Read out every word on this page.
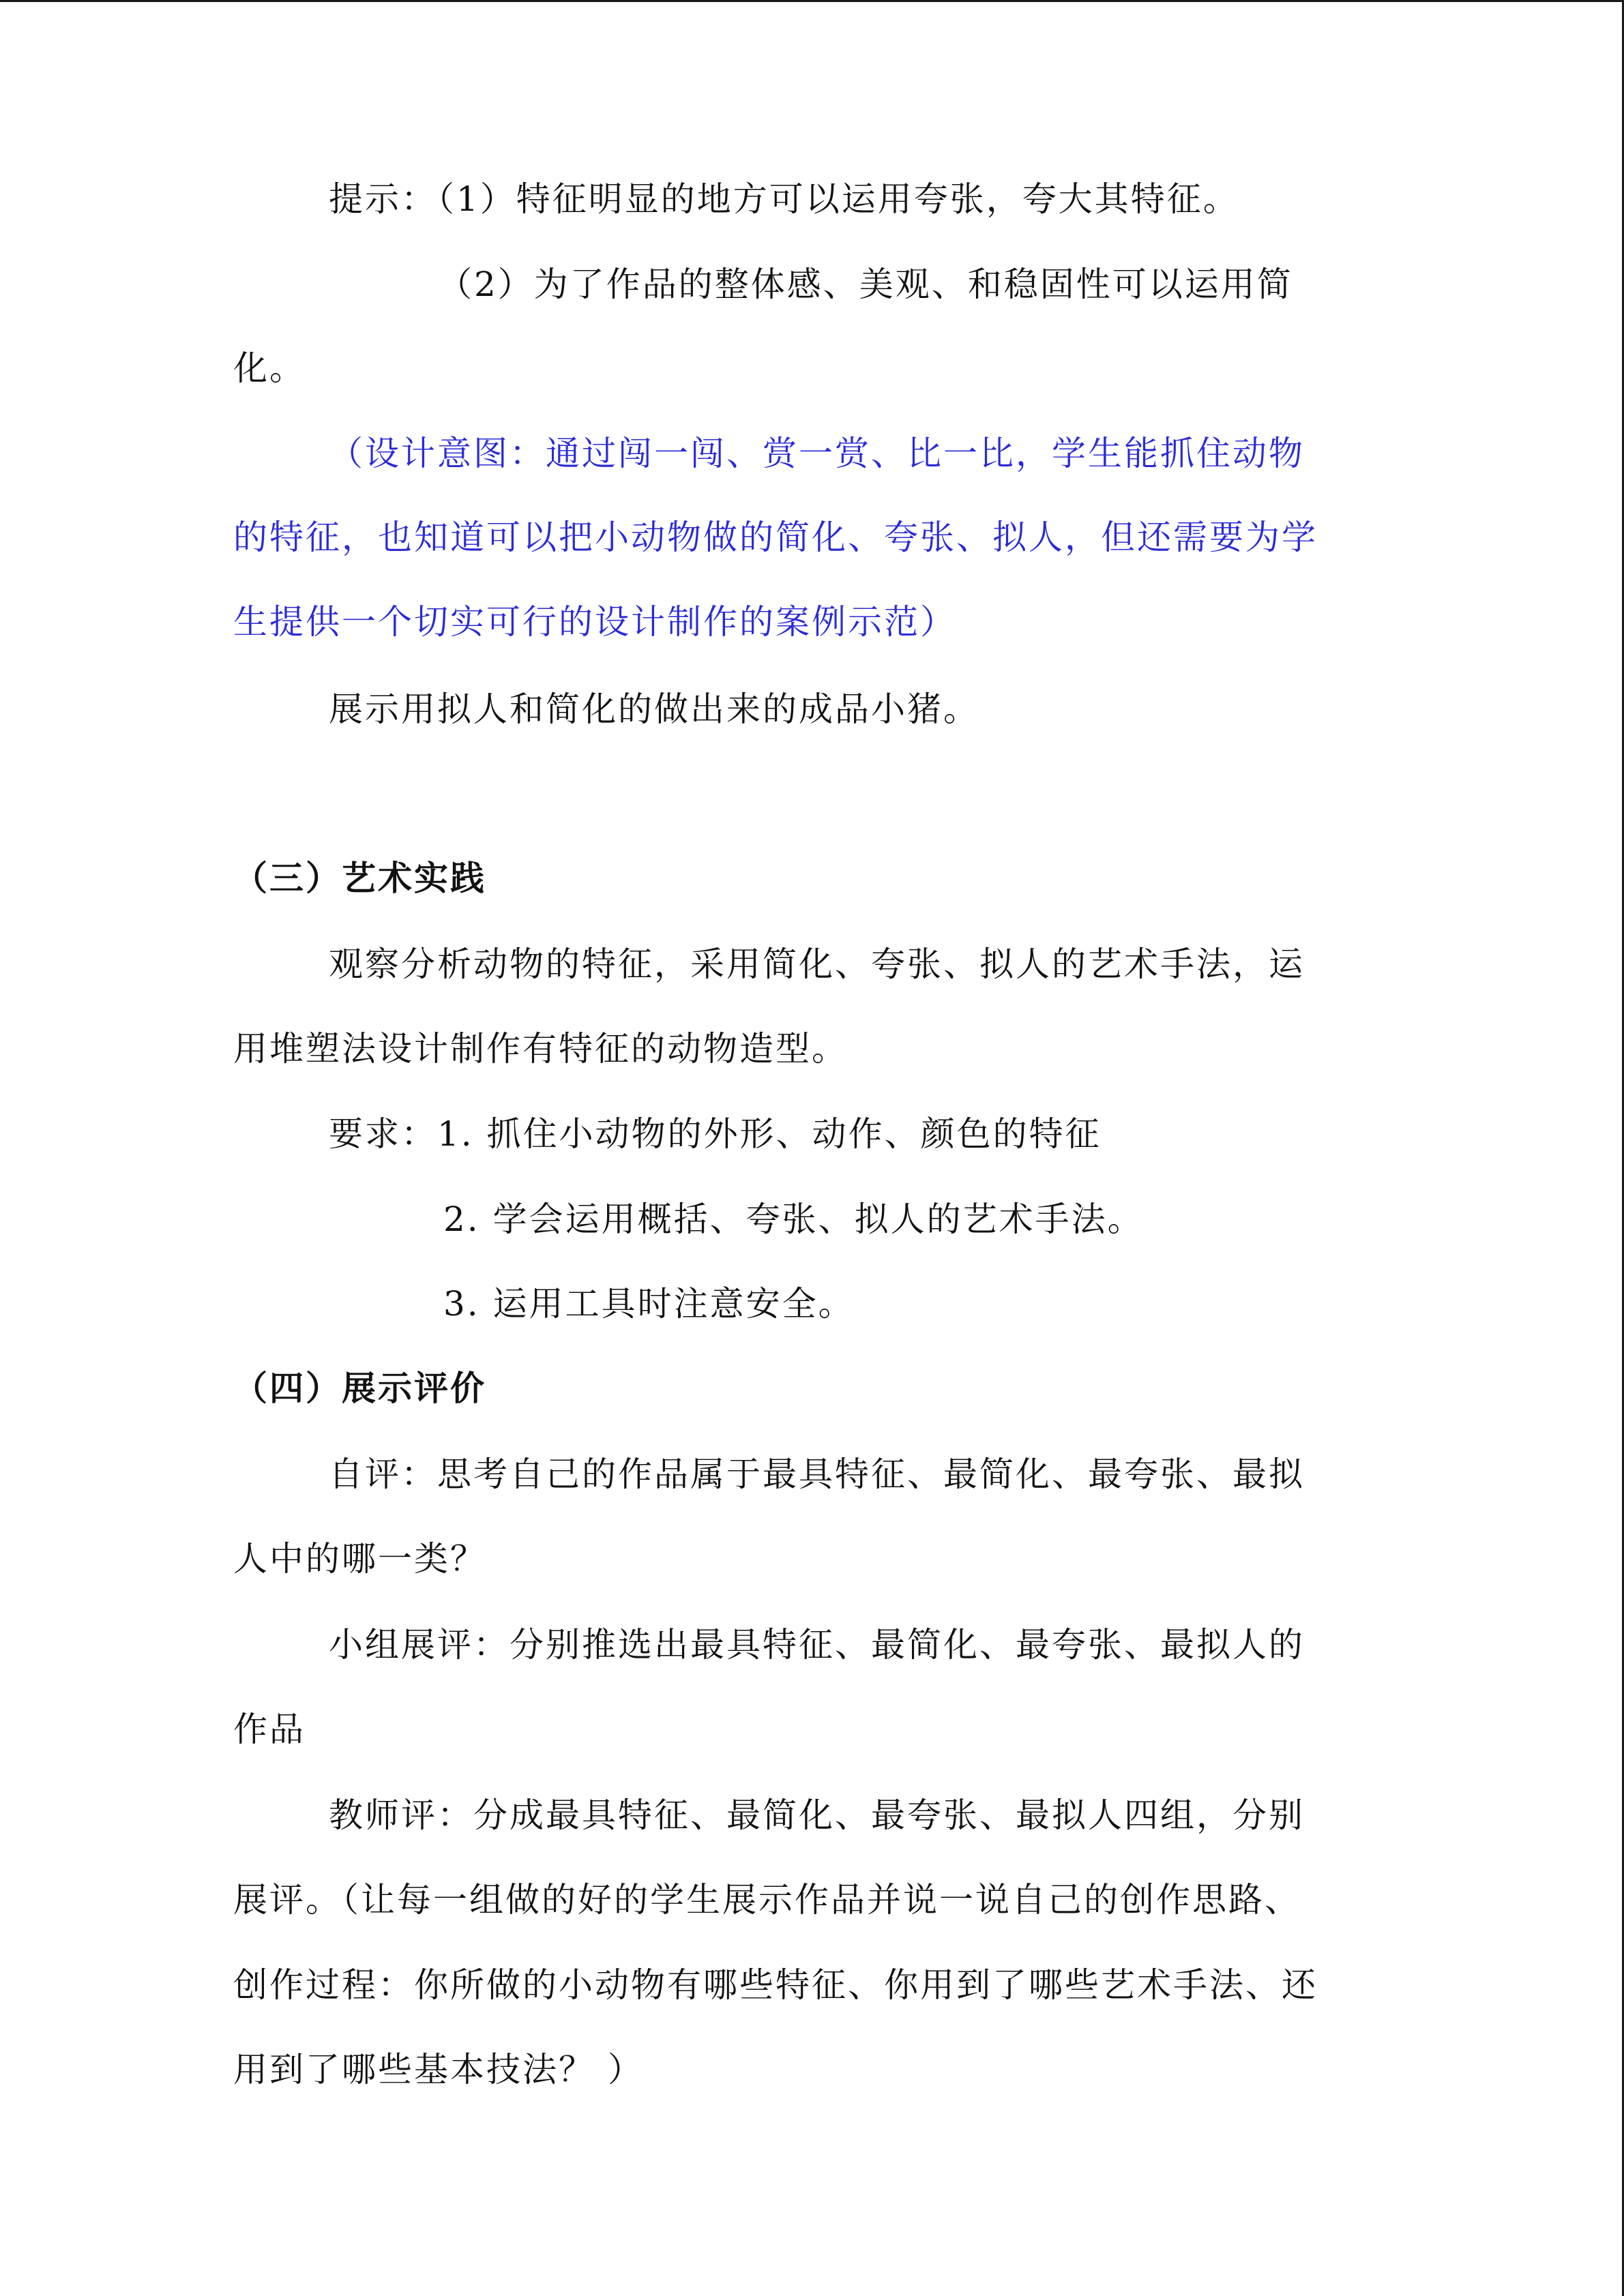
提示：（1）特征明显的地方可以运用夸张，夸大其特征。
（2）为了作品的整体感、美观、和稳固性可以运用简
化。
（设计意图：通过闯一闯、赏一赏、比一比，学生能抓住动物
的特征，也知道可以把小动物做的简化、夸张、拟人，但还需要为学
生提供一个切实可行的设计制作的案例示范）
展示用拟人和简化的做出来的成品小猪。
（三）艺术实践
观察分析动物的特征，采用简化、夸张、拟人的艺术手法，运
用堆塑法设计制作有特征的动物造型。
要求：1. 抓住小动物的外形、动作、颜色的特征
2. 学会运用概括、夸张、拟人的艺术手法。
3. 运用工具时注意安全。
（四）展示评价
自评：思考自己的作品属于最具特征、最简化、最夸张、最拟
人中的哪一类？
小组展评：分别推选出最具特征、最简化、最夸张、最拟人的
作品
教师评：分成最具特征、最简化、最夸张、最拟人四组，分别
展评。（让每一组做的好的学生展示作品并说一说自己的创作思路、
创作过程：你所做的小动物有哪些特征、你用到了哪些艺术手法、还
用到了哪些基本技法？ ）
